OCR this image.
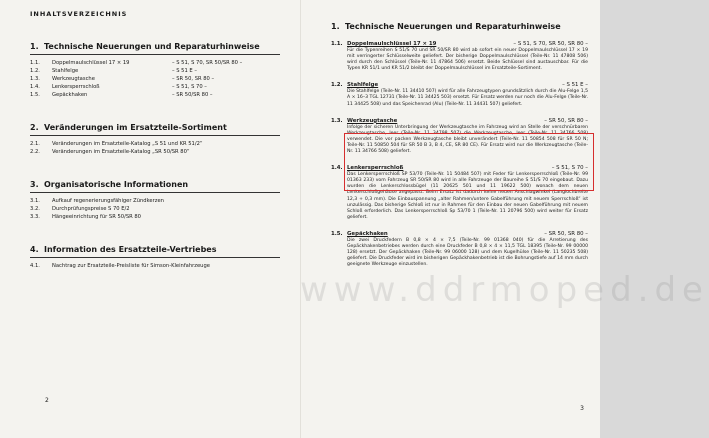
INHALTSVERZEICHNIS
1. Technische Neuerungen und Reparaturhinweise
1.1.	Doppelmaulschlüssel 17 × 19	– S 51, S 70, SR 50/SR 80 –
1.2.	Stahlfelge	– S 51 E –
1.3.	Werkzeugtasche	– SR 50, SR 80 –
1.4.	Lenkersperrschloß	– S 51, S 70 –
1.5.	Gepäckhaken	– SR 50/SR 80 –
2. Veränderungen im Ersatzteile-Sortiment
2.1.	Veränderungen im Ersatzteile-Katalog „S 51 und KR 51/2“
2.2.	Veränderungen im Ersatzteile-Katalog „SR 50/SR 80“
3. Organisatorische Informationen
3.1.	Aufkauf regenerierungsfähiger Zündkerzen
3.2.	Durchprüfungspreise S 70 E/2
3.3.	Hängeeinrichtung für SR 50/SR 80
4. Information des Ersatzteile-Vertriebes
4.1.	Nachtrag zur Ersatzteile-Preisliste für Simson-Kleinfahrzeuge
2
1. Technische Neuerungen und Reparaturhinweise
1.1. Doppelmaulschlüssel 17 × 19	– S 51, S 70, SR 50, SR 80 –
Für die Typenreihen S 51/S 70 und SR 50/SR 80 wird ab sofort ein neuer Doppelmaulschlüssel 17 × 19 mit verringerter Schlüsselweite geliefert. Der bisherige Doppelmaulschlüssel (Teile-Nr. 11 47808 506) wird durch den Schlüssel (Teile-Nr. 11 47864 506) ersetzt. Beide Schlüssel sind austauschbar. Für die Typen KR 51/1 und KR 51/2 bleibt der Doppelmaulschlüssel im Ersatzteile-Sortiment.
1.2. Stahlfelge	– S 51 E –
Die Stahlfelge (Teile-Nr. 11 34410 507) wird für alle Fahrzeugtypen grundsätzlich durch die Alu-Felge 1,5 A × 16–3 TGL 12731 (Teile-Nr. 11 34425 503) ersetzt. Für Ersatz werden nur noch die Alu-Felge (Teile-Nr. 11 34425 508) und das Speichenrad (Alu) (Teile-Nr. 11 34431 507) geliefert.
1.3. Werkzeugtasche	– SR 50, SR 80 –
Infolge der sicheren Unterbringung der Werkzeugtasche im Fahrzeug wird an Stelle der verschnürbaren Werkzeugtasche, leer (Teile-Nr. 11 34798 507) die Werkzeugtasche, leer (Teile-Nr. 11 34766 508) verwendet. Die vor packen Werkzeugtasche bleibt unverändert (Teile-Nr. 11 50854 508 für SR 50 N; Teile-Nr. 11 50850 504 für SR 50 B 3, B 4, CE, SR 80 CE). Für Ersatz wird nur die Werkzeugtasche (Teile-Nr. 11 34766 508) geliefert.
1.4. Lenkersperrschloß	– S 51, S 70 –
Das Lenkersperrschloß SP 53/70 (Teile-Nr. 11 50484 507) mit Feder für Lenkersperrschloß (Teile-Nr. 99 01363 233) vom Fahrzeug SR 50/SR 80 wird in alle Fahrzeuge der Baureihe S 51/S 70 eingebaut. Dazu wurden die Lenkerschlossbügel (11 20625 501 und 11 19622 500) wonach dem neuen Lenkerschloßgehäuse angepasst. Beim Ersatz ist dadurch keine neuen Anschlagwinkel (Langlochbreite 12,3 + 0,3 mm). Die Einbauspannung „alter Rahmen/untere Gabelführung mit neuem Sperrschloß“ ist unzulässig. Das bisherige Schloß ist nur in Rahmen für den Einbau der neuen Gabelführung mit neuem Schloß erforderlich. Das Lenkersperrschloß Sp 53/70 1 (Teile-Nr. 11 20796 500) wird weiter für Ersatz geliefert.
1.5. Gepäckhaken	– SR 50, SR 80 –
Die zwei Druckfedern B 0,8 × 4 × 7,5 (Teile-Nr. 99 01368 040) für die Arretierung des Gepäckhakenbetriebes werden durch eine Druckfeder B 0,8 × 4 × 11,5 TGL 18395 (Teile-Nr. 99 00000 128) ersetzt. Der Gepäckhaken (Teile-Nr. 99 06000 128) und dem Kugelhülse (Teile-Nr. 11 50235 508) geliefert. Die Druckfeder wird im bisherigen Gepäckhakenbetrieb ist die Bohrungstiefe auf 14 mm durch geeignete Werkzeuge einzustellen.
3
www.ddrmoped.de
